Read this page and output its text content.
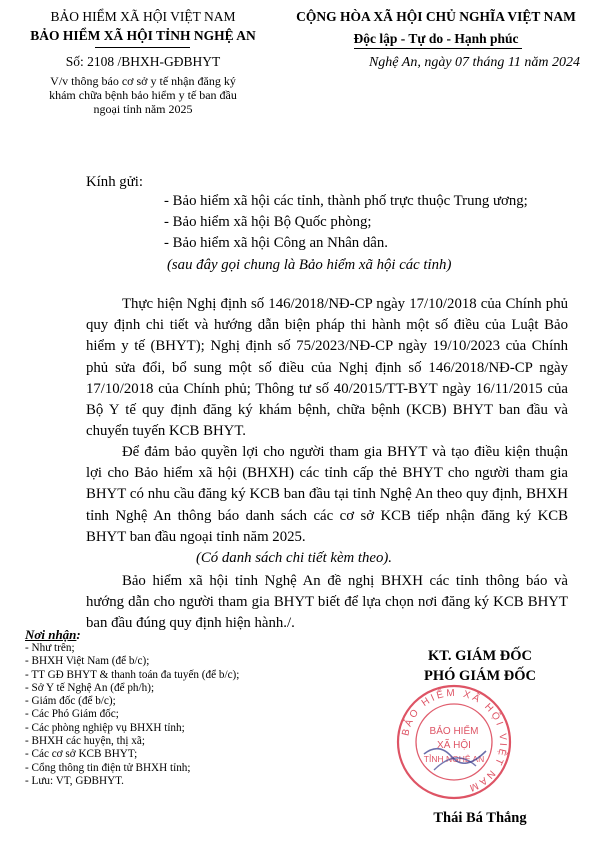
BẢO HIỂM XÃ HỘI VIỆT NAM
BẢO HIỂM XÃ HỘI TỈNH NGHỆ AN
Số: 2108 /BHXH-GĐBHYT
V/v thông báo cơ sở y tế nhận đăng ký
khám chữa bệnh bảo hiểm y tế ban đầu
ngoại tỉnh năm 2025
CỘNG HÒA XÃ HỘI CHỦ NGHĨA VIỆT NAM
Độc lập - Tự do - Hạnh phúc
Nghệ An, ngày 07 tháng 11 năm 2024
Kính gửi:
- Bảo hiểm xã hội các tỉnh, thành phố trực thuộc Trung ương;
- Bảo hiểm xã hội Bộ Quốc phòng;
- Bảo hiểm xã hội Công an Nhân dân.
(sau đây gọi chung là Bảo hiểm xã hội các tỉnh)
Thực hiện Nghị định số 146/2018/NĐ-CP ngày 17/10/2018 của Chính phủ quy định chi tiết và hướng dẫn biện pháp thi hành một số điều của Luật Bảo hiểm y tế (BHYT); Nghị định số 75/2023/NĐ-CP ngày 19/10/2023 của Chính phủ sửa đổi, bổ sung một số điều của Nghị định số 146/2018/NĐ-CP ngày 17/10/2018 của Chính phủ; Thông tư số 40/2015/TT-BYT ngày 16/11/2015 của Bộ Y tế quy định đăng ký khám bệnh, chữa bệnh (KCB) BHYT ban đầu và chuyển tuyến KCB BHYT.
Để đảm bảo quyền lợi cho người tham gia BHYT và tạo điều kiện thuận lợi cho Bảo hiểm xã hội (BHXH) các tỉnh cấp thẻ BHYT cho người tham gia BHYT có nhu cầu đăng ký KCB ban đầu tại tỉnh Nghệ An theo quy định, BHXH tỉnh Nghệ An thông báo danh sách các cơ sở KCB tiếp nhận đăng ký KCB BHYT ban đầu ngoại tỉnh năm 2025.
(Có danh sách chi tiết kèm theo).
Bảo hiểm xã hội tỉnh Nghệ An đề nghị BHXH các tỉnh thông báo và hướng dẫn cho người tham gia BHYT biết để lựa chọn nơi đăng ký KCB BHYT ban đầu đúng quy định hiện hành./.
Nơi nhận:
- Như trên;
- BHXH Việt Nam (để b/c);
- TT GĐ BHYT & thanh toán đa tuyến (để b/c);
- Sở Y tế Nghệ An (để ph/h);
- Giám đốc (để b/c);
- Các Phó Giám đốc;
- Các phòng nghiệp vụ BHXH tỉnh;
- BHXH các huyện, thị xã;
- Các cơ sở KCB BHYT;
- Cổng thông tin điện tử BHXH tỉnh;
- Lưu: VT, GĐBHYT.
KT. GIÁM ĐỐC
PHÓ GIÁM ĐỐC
BẢO HIỂM XÃ HỘI VIỆT NAM
BẢO HIỂM
XÃ HỘI
TỈNH NGHỆ AN
Thái Bá Thắng
